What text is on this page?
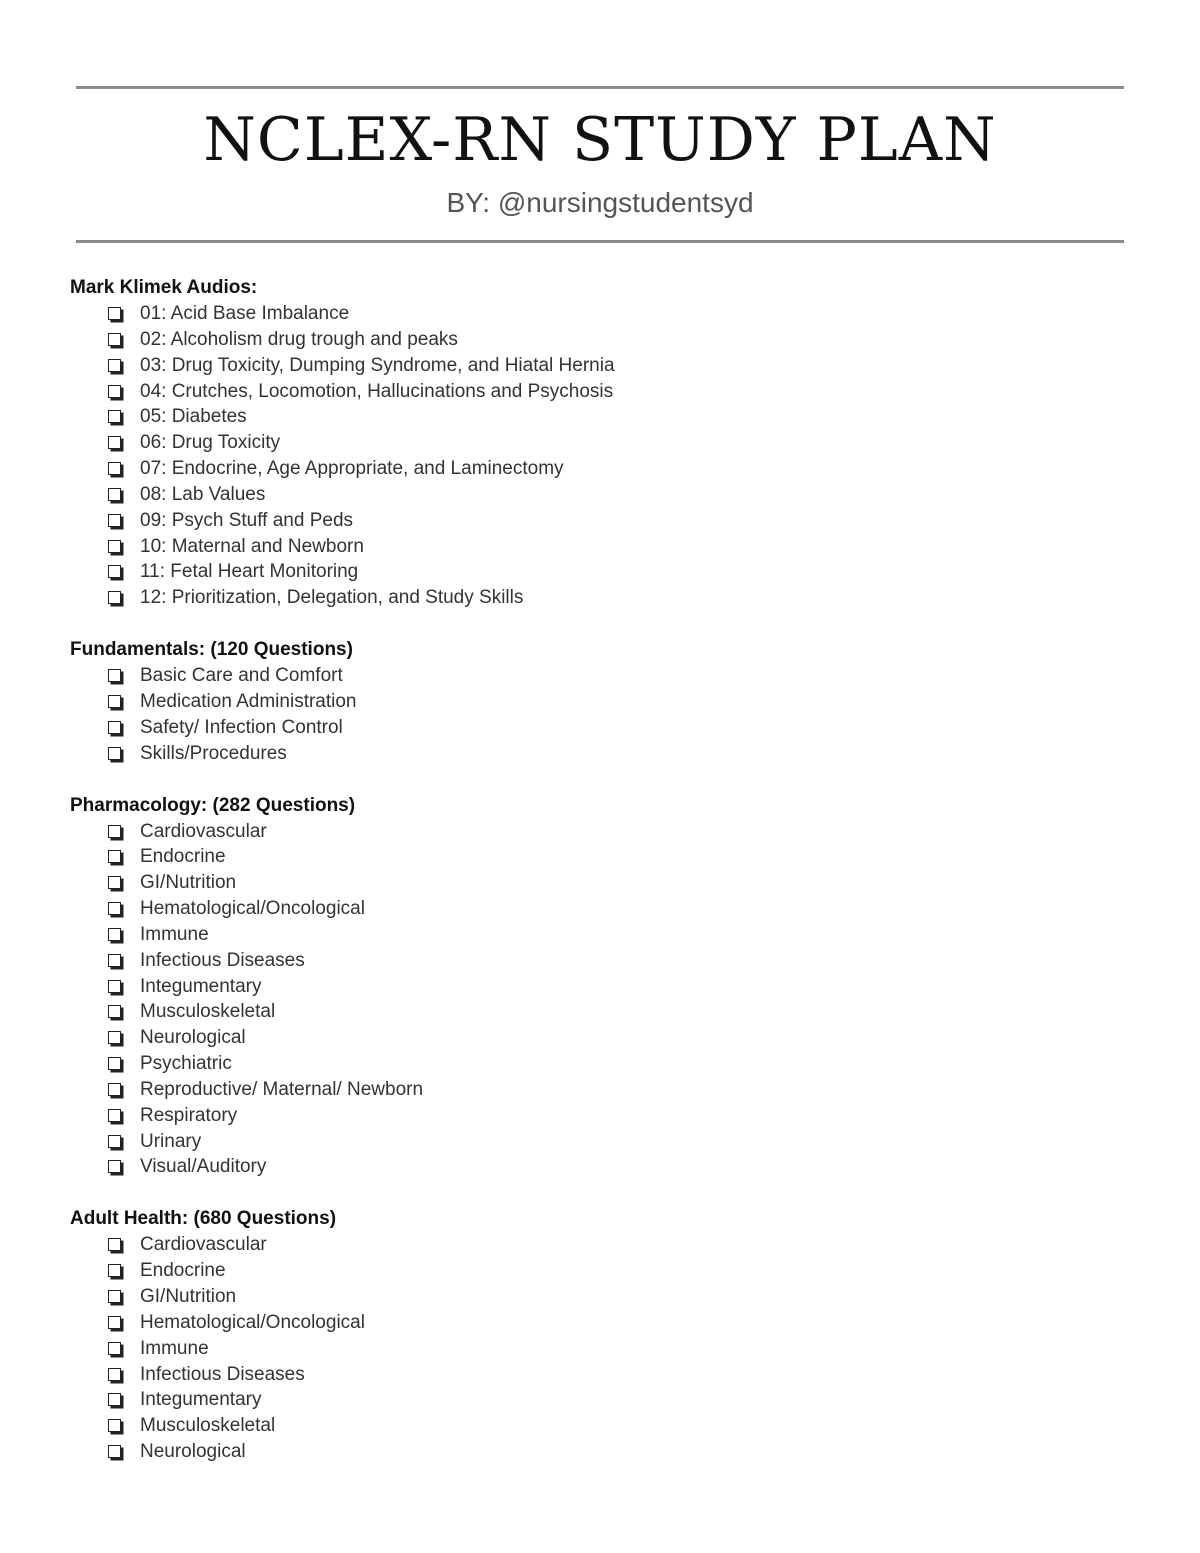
NCLEX-RN STUDY PLAN
BY: @nursingstudentsyd
Mark Klimek Audios:
01: Acid Base Imbalance
02: Alcoholism drug trough and peaks
03: Drug Toxicity, Dumping Syndrome, and Hiatal Hernia
04: Crutches, Locomotion, Hallucinations and Psychosis
05: Diabetes
06: Drug Toxicity
07: Endocrine, Age Appropriate, and Laminectomy
08: Lab Values
09: Psych Stuff and Peds
10: Maternal and Newborn
11: Fetal Heart Monitoring
12: Prioritization, Delegation, and Study Skills
Fundamentals: (120 Questions)
Basic Care and Comfort
Medication Administration
Safety/ Infection Control
Skills/Procedures
Pharmacology: (282 Questions)
Cardiovascular
Endocrine
GI/Nutrition
Hematological/Oncological
Immune
Infectious Diseases
Integumentary
Musculoskeletal
Neurological
Psychiatric
Reproductive/ Maternal/ Newborn
Respiratory
Urinary
Visual/Auditory
Adult Health: (680 Questions)
Cardiovascular
Endocrine
GI/Nutrition
Hematological/Oncological
Immune
Infectious Diseases
Integumentary
Musculoskeletal
Neurological
